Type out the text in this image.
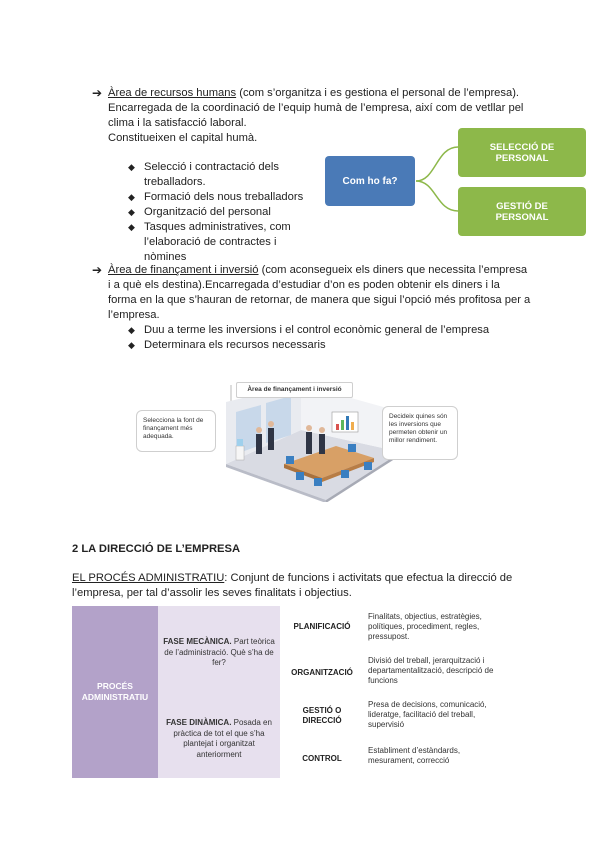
➔ Àrea de recursos humans (com s’organitza i es gestiona el personal de l’empresa).
Encarregada de la coordinació de l’equip humà de l’empresa, així com de vetllar pel
clima i la satisfacció laboral.
Constitueixen el capital humà.
◆ Selecció i contractació dels
treballadors.
◆ Formació dels nous treballadors
◆ Organització del personal
◆ Tasques administratives, com
l’elaboració de contractes i
nòmines
Com ho fa?
SELECCIÓ DE PERSONAL
GESTIÓ DE PERSONAL
➔ Àrea de finançament i inversió (com aconsegueix els diners que necessita l’empresa
i a què els destina).Encarregada d’estudiar d’on es poden obtenir els diners i la
forma en la que s’hauran de retornar, de manera que sigui l’opció més profitosa per a
l’empresa.
◆ Duu a terme les inversions i el control econòmic general de l’empresa
◆ Determinara els recursos necessaris
Àrea de finançament i inversió
Selecciona la font de finançament més adequada.
Decideix quines són les inversions que permeten obtenir un millor rendiment.
2 LA DIRECCIÓ DE L’EMPRESA
EL PROCÉS ADMINISTRATIU: Conjunt de funcions i activitats que efectua la direcció de
l’empresa, per tal d’assolir les seves finalitats i objectius.
PROCÉS ADMINISTRATIU
FASE MECÀNICA. Part teòrica de l’administració. Què s’ha de fer?
FASE DINÀMICA. Posada en pràctica de tot el que s’ha plantejat i organitzat anteriorment
PLANIFICACIÓ
Finalitats, objectius, estratègies, polítiques, procediment, regles, pressupost.
ORGANITZACIÓ
Divisió del treball, jerarquització i departamentalització, descripció de funcions
GESTIÓ O DIRECCIÓ
Presa de decisions, comunicació, lideratge, facilitació del treball, supervisió
CONTROL
Establiment d’estàndards, mesurament, correcció
